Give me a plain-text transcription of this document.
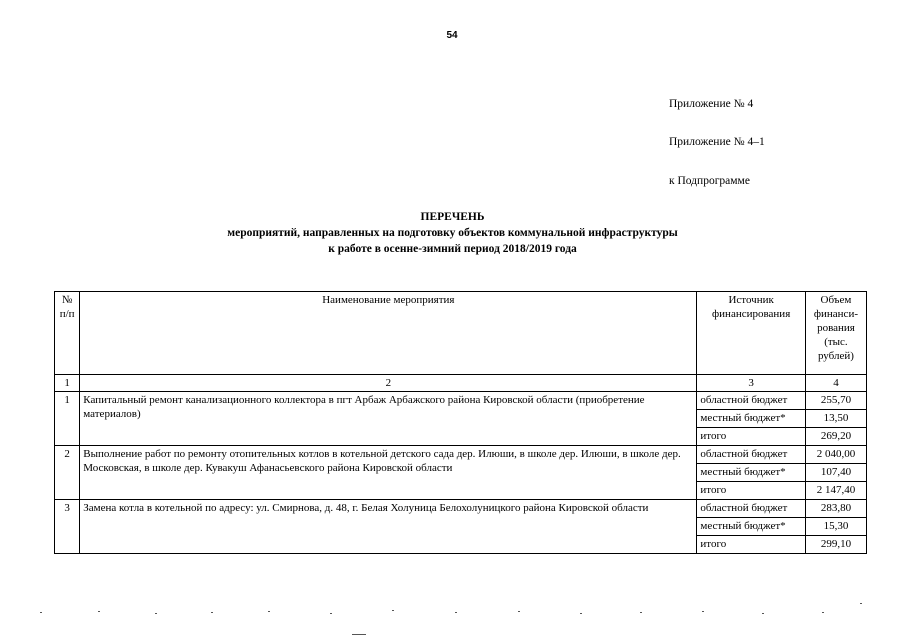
54
Приложение № 4
Приложение № 4–1
к Подпрограмме
ПЕРЕЧЕНЬ
мероприятий, направленных на подготовку объектов коммунальной инфраструктуры
к работе в осенне-зимний период 2018/2019 года
№ п/п	Наименование мероприятия	Источник финансирования	Объем финанси-рования (тыс. рублей)
1	2	3	4
1	Капитальный ремонт канализационного коллектора в пгт Арбаж Арбажского района Кировской области (приобретение материалов)	областной бюджет	255,70
		местный бюджет*	13,50
		итого	269,20
2	Выполнение работ по ремонту отопительных котлов в котельной детского сада дер. Илюши, в школе дер. Илюши, в школе дер. Московская, в школе дер. Кувакуш Афанасьевского района Кировской области	областной бюджет	2 040,00
		местный бюджет*	107,40
		итого	2 147,40
3	Замена котла в котельной по адресу: ул. Смирнова, д. 48, г. Белая Холуница Белохолуницкого района Кировской области	областной бюджет	283,80
		местный бюджет*	15,30
		итого	299,10
